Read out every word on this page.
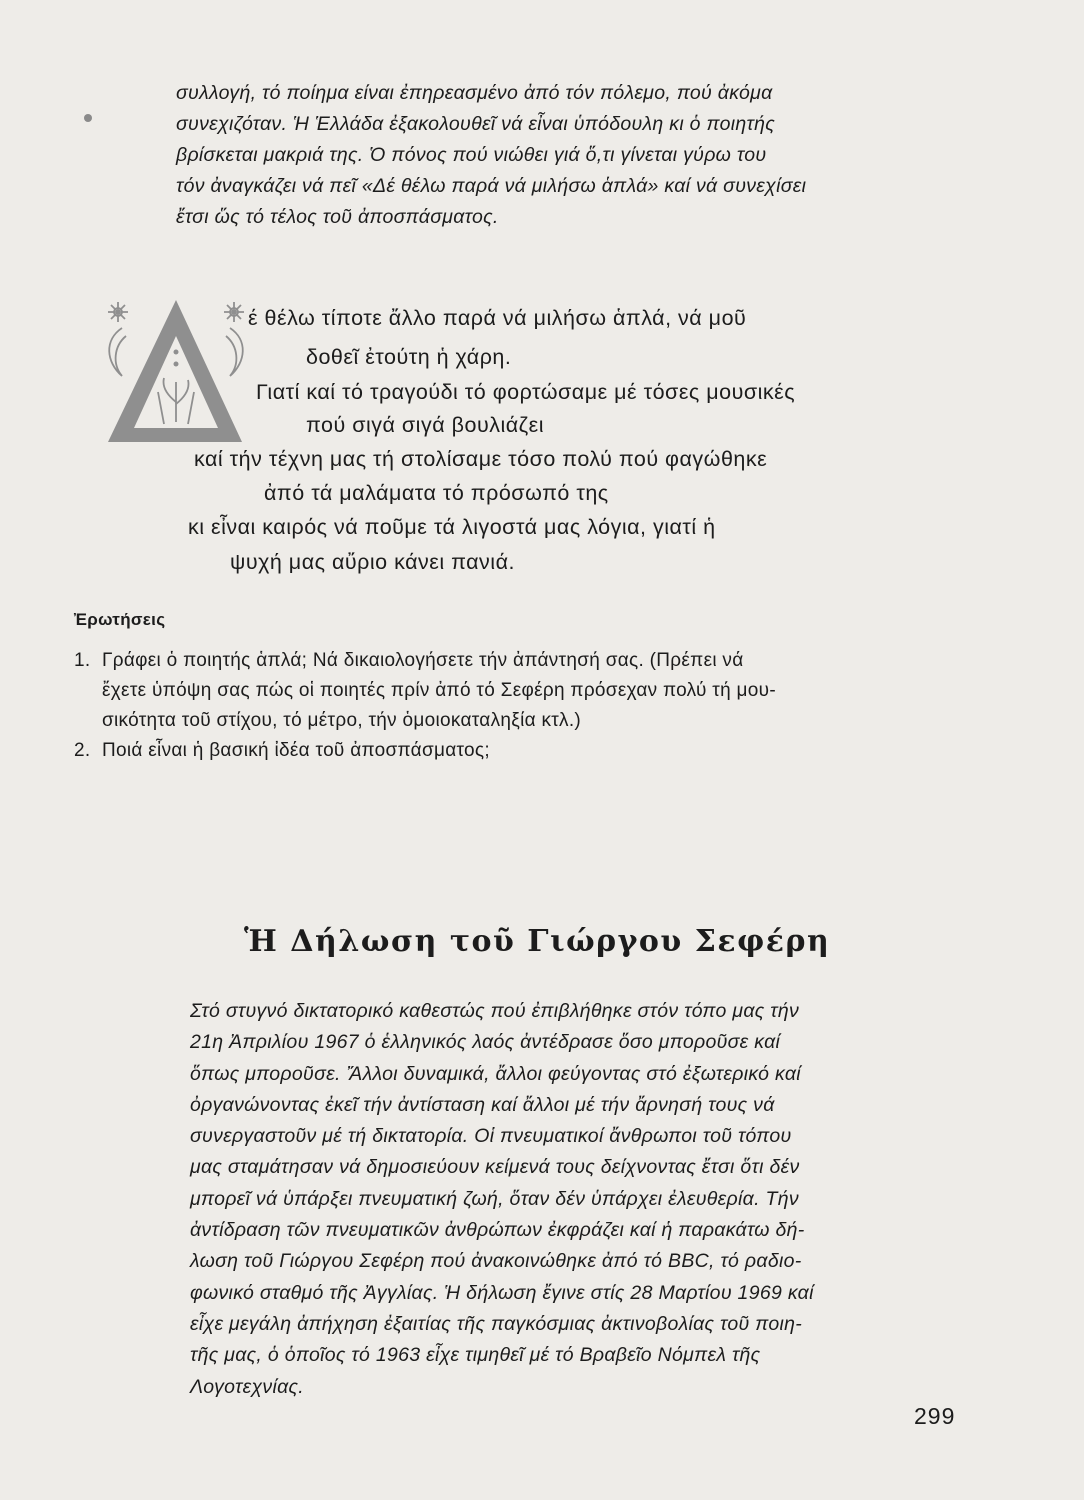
συλλογή, τό ποίημα είναι ἐπηρεασμένο ἀπό τόν πόλεμο, πού ἀκόμα
συνεχιζόταν. Ἡ Ἑλλάδα ἐξακολουθεῖ νά εἶναι ὑπόδουλη κι ὁ ποιητής
βρίσκεται μακριά της. Ὁ πόνος πού νιώθει γιά ὅ,τι γίνεται γύρω του
τόν ἀναγκάζει νά πεῖ «Δέ θέλω παρά νά μιλήσω ἁπλά» καί νά συνεχίσει
ἔτσι ὥς τό τέλος τοῦ ἀποσπάσματος.

έ θέλω τίποτε ἄλλο παρά νά μιλήσω ἁπλά, νά μοῦ
δοθεῖ ἐτούτη ἡ χάρη.
Γιατί καί τό τραγούδι τό φορτώσαμε μέ τόσες μουσικές
πού σιγά σιγά βουλιάζει
καί τήν τέχνη μας τή στολίσαμε τόσο πολύ πού φαγώθηκε
ἀπό τά μαλάματα τό πρόσωπό της
κι εἶναι καιρός νά ποῦμε τά λιγοστά μας λόγια, γιατί ἡ
ψυχή μας αὔριο κάνει πανιά.

Ἐρωτήσεις
1. Γράφει ὁ ποιητής ἁπλά; Νά δικαιολογήσετε τήν ἀπάντησή σας. (Πρέπει νά
ἔχετε ὑπόψη σας πώς οἱ ποιητές πρίν ἀπό τό Σεφέρη πρόσεχαν πολύ τή μου-
σικότητα τοῦ στίχου, τό μέτρο, τήν ὁμοιοκαταληξία κτλ.)
2. Ποιά εἶναι ἡ βασική ἰδέα τοῦ ἀποσπάσματος;
Ἡ Δήλωση τοῦ Γιώργου Σεφέρη

Στό στυγνό δικτατορικό καθεστώς πού ἐπιβλήθηκε στόν τόπο μας τήν
21η Ἀπριλίου 1967 ὁ ἑλληνικός λαός ἀντέδρασε ὅσο μποροῦσε καί
ὅπως μποροῦσε. Ἄλλοι δυναμικά, ἄλλοι φεύγοντας στό ἐξωτερικό καί
ὀργανώνοντας ἐκεῖ τήν ἀντίσταση καί ἄλλοι μέ τήν ἄρνησή τους νά
συνεργαστοῦν μέ τή δικτατορία. Οἱ πνευματικοί ἄνθρωποι τοῦ τόπου
μας σταμάτησαν νά δημοσιεύουν κείμενά τους δείχνοντας ἔτσι ὅτι δέν
μπορεῖ νά ὑπάρξει πνευματική ζωή, ὅταν δέν ὑπάρχει ἐλευθερία. Τήν
ἀντίδραση τῶν πνευματικῶν ἀνθρώπων ἐκφράζει καί ἡ παρακάτω δή-
λωση τοῦ Γιώργου Σεφέρη πού ἀνακοινώθηκε ἀπό τό BBC, τό ραδιο-
φωνικό σταθμό τῆς Ἀγγλίας. Ἡ δήλωση ἔγινε στίς 28 Μαρτίου 1969 καί
εἶχε μεγάλη ἀπήχηση ἐξαιτίας τῆς παγκόσμιας ἀκτινοβολίας τοῦ ποιη-
τῆς μας, ὁ ὁποῖος τό 1963 εἶχε τιμηθεῖ μέ τό Βραβεῖο Νόμπελ τῆς
Λογοτεχνίας.

299
